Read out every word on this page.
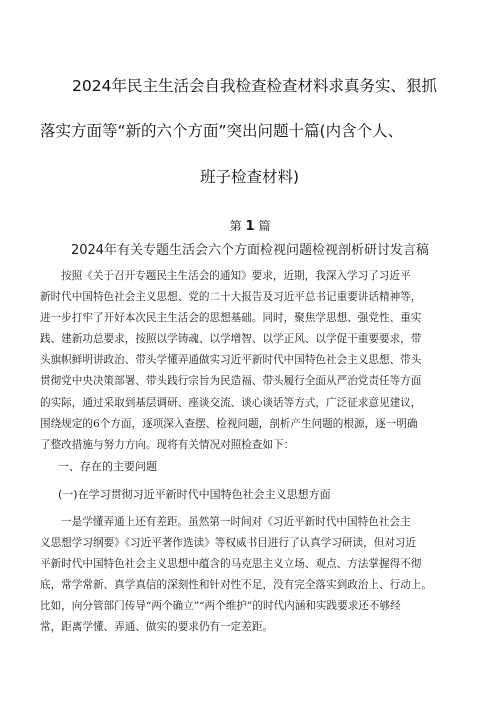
2024年民主生活会自我检查检查材料求真务实、狠抓
落实方面等“新的六个方面”突出问题十篇(内含个人、
班子检查材料)
第 1 篇
2024年有关专题生活会六个方面检视问题检视剖析研讨发言稿
按照《关于召开专题民主生活会的通知》要求，近期，我深入学习了习近平
新时代中国特色社会主义思想、党的二十大报告及习近平总书记重要讲话精神等，
进一步打牢了开好本次民主生活会的思想基础。同时，聚焦学思想、强党性、重实
践、建新功总要求，按照以学铸魂、以学增智、以学正风、以学促干重要要求，带
头旗帜鲜明讲政治、带头学懂弄通做实习近平新时代中国特色社会主义思想、带头
贯彻党中央决策部署、带头践行宗旨为民造福、带头履行全面从严治党责任等方面
的实际，通过采取到基层调研、座谈交流、谈心谈话等方式，广泛征求意见建议，
围绕规定的6个方面，逐项深入查摆、检视问题，剖析产生问题的根源，逐一明确
了整改措施与努力方向。现将有关情况对照检查如下：
一、存在的主要问题
(一)在学习贯彻习近平新时代中国特色社会主义思想方面
一是学懂弄通上还有差距。虽然第一时间对《习近平新时代中国特色社会主
义思想学习纲要》《习近平著作选读》等权威书目进行了认真学习研读，但对习近
平新时代中国特色社会主义思想中蕴含的马克思主义立场、观点、方法掌握得不彻
底，常学常新、真学真信的深刻性和针对性不足，没有完全落实到政治上、行动上。
比如，向分管部门传导“两个确立”“两个维护”的时代内涵和实践要求还不够经
常，距离学懂、弄通、做实的要求仍有一定差距。
